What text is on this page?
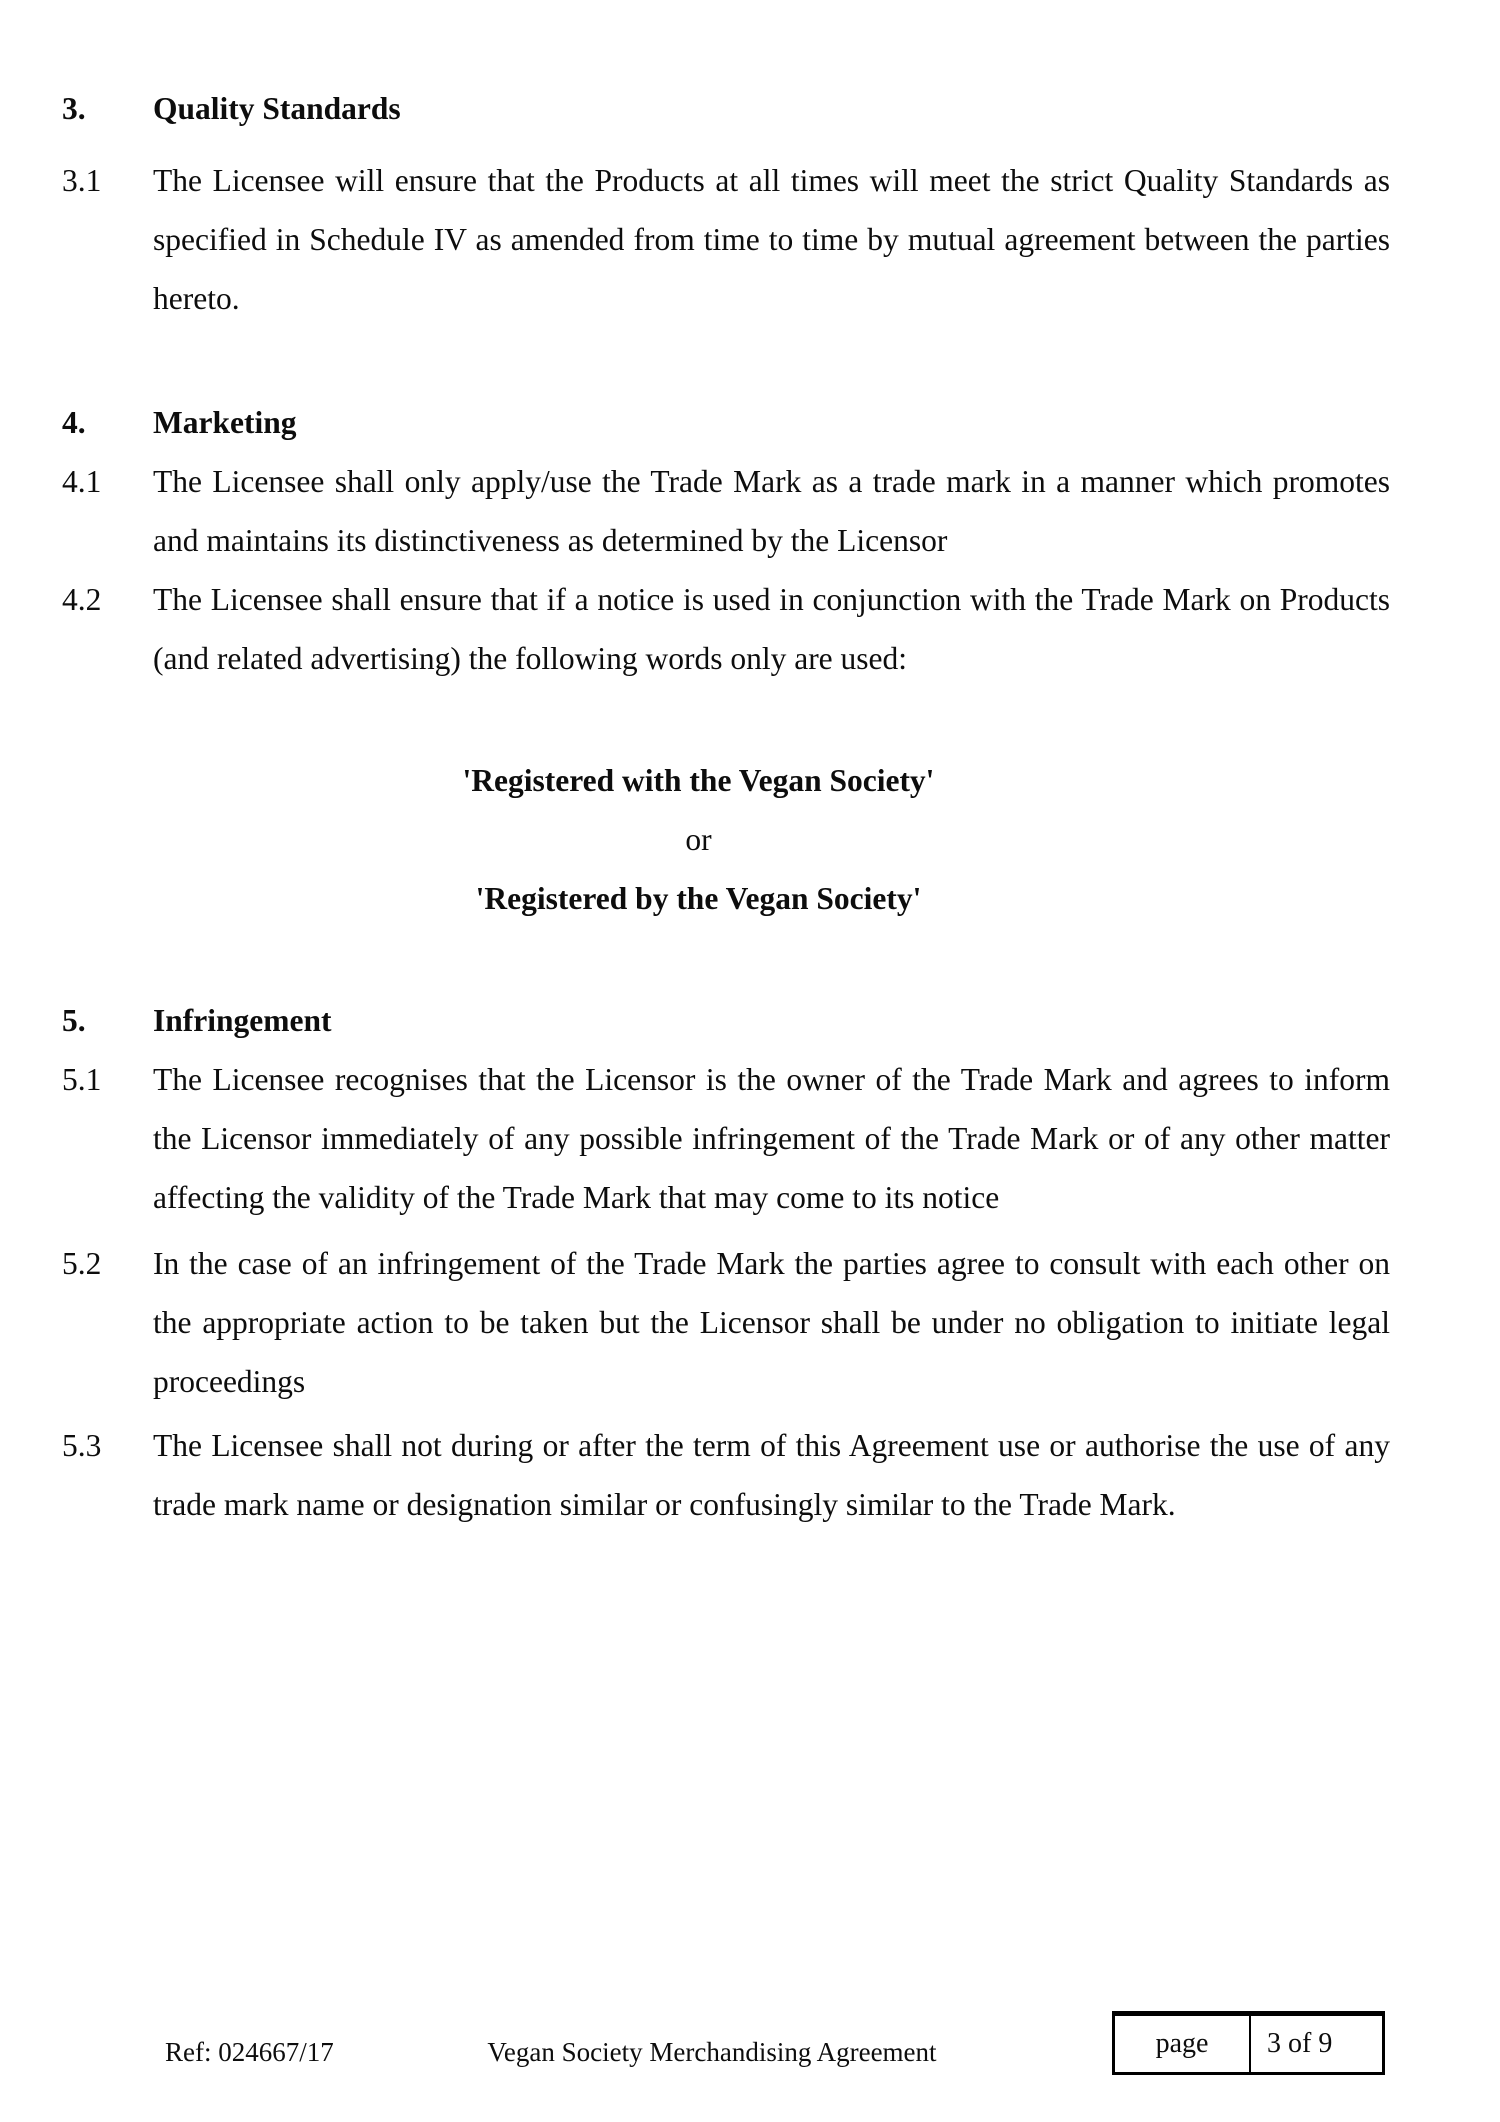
3.	Quality Standards
3.1	The Licensee will ensure that the Products at all times will meet the strict Quality Standards as specified in Schedule IV as amended from time to time by mutual agreement between the parties hereto.

4.	Marketing
4.1	The Licensee shall only apply/use the Trade Mark as a trade mark in a manner which promotes and maintains its distinctiveness as determined by the Licensor

4.2	The Licensee shall ensure that if a notice is used in conjunction with the Trade Mark on Products (and related advertising) the following words only are used:

'Registered with the Vegan Society'

or

'Registered by the Vegan Society'

5.	Infringement
5.1	The Licensee recognises that the Licensor is the owner of the Trade Mark and agrees to inform the Licensor immediately of any possible infringement of the Trade Mark or of any other matter affecting the validity of the Trade Mark that may come to its notice

5.2	In the case of an infringement of the Trade Mark the parties agree to consult with each other on the appropriate action to be taken but the Licensor shall be under no obligation to initiate legal proceedings

5.3	The Licensee shall not during or after the term of this Agreement use or authorise the use of any trade mark name or designation similar or confusingly similar to the Trade Mark.

Ref: 024667/17	Vegan Society Merchandising Agreement	page	3 of 9
